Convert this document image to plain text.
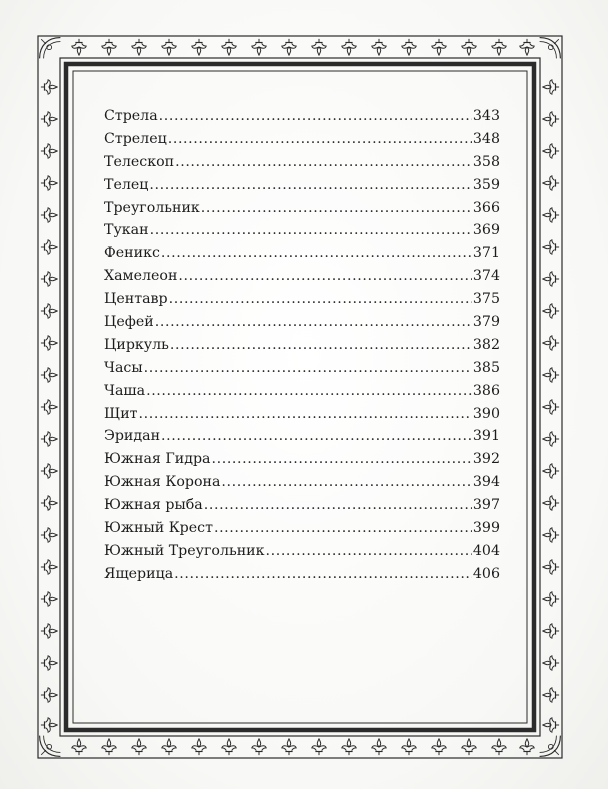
Стрела .....	343
Стрелец .....	348
Телескоп .....	358
Телец .....	359
Треугольник .....	366
Тукан .....	369
Феникс .....	371
Хамелеон .....	374
Центавр .....	375
Цефей .....	379
Циркуль .....	382
Часы .....	385
Чаша .....	386
Щит .....	390
Эридан .....	391
Южная Гидра .....	392
Южная Корона .....	394
Южная рыба .....	397
Южный Крест .....	399
Южный Треугольник .....	404
Ящерица .....	406
